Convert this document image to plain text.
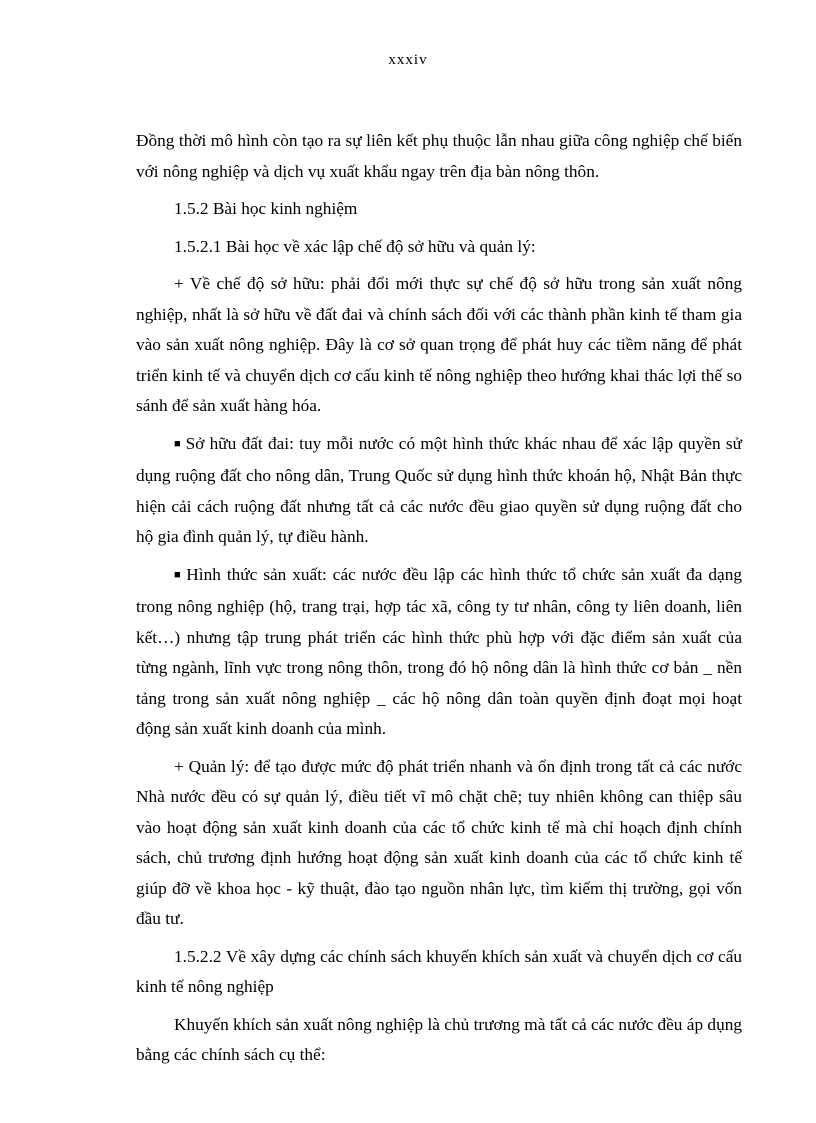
xxxiv

Đồng thời mô hình còn tạo ra sự liên kết phụ thuộc lẫn nhau giữa công nghiệp chế biến với nông nghiệp và dịch vụ xuất khẩu ngay trên địa bàn nông thôn.

1.5.2 Bài học kinh nghiệm

1.5.2.1 Bài học về xác lập chế độ sở hữu và quản lý:

+ Về chế độ sở hữu: phải đổi mới thực sự chế độ sở hữu trong sản xuất nông nghiệp, nhất là sở hữu về đất đai và chính sách đối với các thành phần kinh tế tham gia vào sản xuất nông nghiệp. Đây là cơ sở quan trọng để phát huy các tiềm năng để phát triển kinh tế và chuyển dịch cơ cấu kinh tế nông nghiệp theo hướng khai thác lợi thế so sánh để sản xuất hàng hóa.

■ Sở hữu đất đai: tuy mỗi nước có một hình thức khác nhau để xác lập quyền sử dụng ruộng đất cho nông dân, Trung Quốc sử dụng hình thức khoán hộ, Nhật Bản thực hiện cải cách ruộng đất nhưng tất cả các nước đều giao quyền sử dụng ruộng đất cho hộ gia đình quản lý, tự điều hành.

■ Hình thức sản xuất: các nước đều lập các hình thức tổ chức sản xuất đa dạng trong nông nghiệp (hộ, trang trại, hợp tác xã, công ty tư nhân, công ty liên doanh, liên kết…) nhưng tập trung phát triển các hình thức phù hợp với đặc điểm sản xuất của từng ngành, lĩnh vực trong nông thôn, trong đó hộ nông dân là hình thức cơ bản _ nền tảng trong sản xuất nông nghiệp _ các hộ nông dân toàn quyền định đoạt mọi hoạt động sản xuất kinh doanh của mình.

+ Quản lý: để tạo được mức độ phát triển nhanh và ổn định trong tất cả các nước Nhà nước đều có sự quản lý, điều tiết vĩ mô chặt chẽ; tuy nhiên không can thiệp sâu vào hoạt động sản xuất kinh doanh của các tổ chức kinh tế mà chỉ hoạch định chính sách, chủ trương định hướng hoạt động sản xuất kinh doanh của các tổ chức kinh tế giúp đỡ về khoa học - kỹ thuật, đào tạo nguồn nhân lực, tìm kiếm thị trường, gọi vốn đầu tư.

1.5.2.2 Về xây dựng các chính sách khuyến khích sản xuất và chuyển dịch cơ cấu kinh tế nông nghiệp

Khuyến khích sản xuất nông nghiệp là chủ trương mà tất cả các nước đều áp dụng bằng các chính sách cụ thể:
